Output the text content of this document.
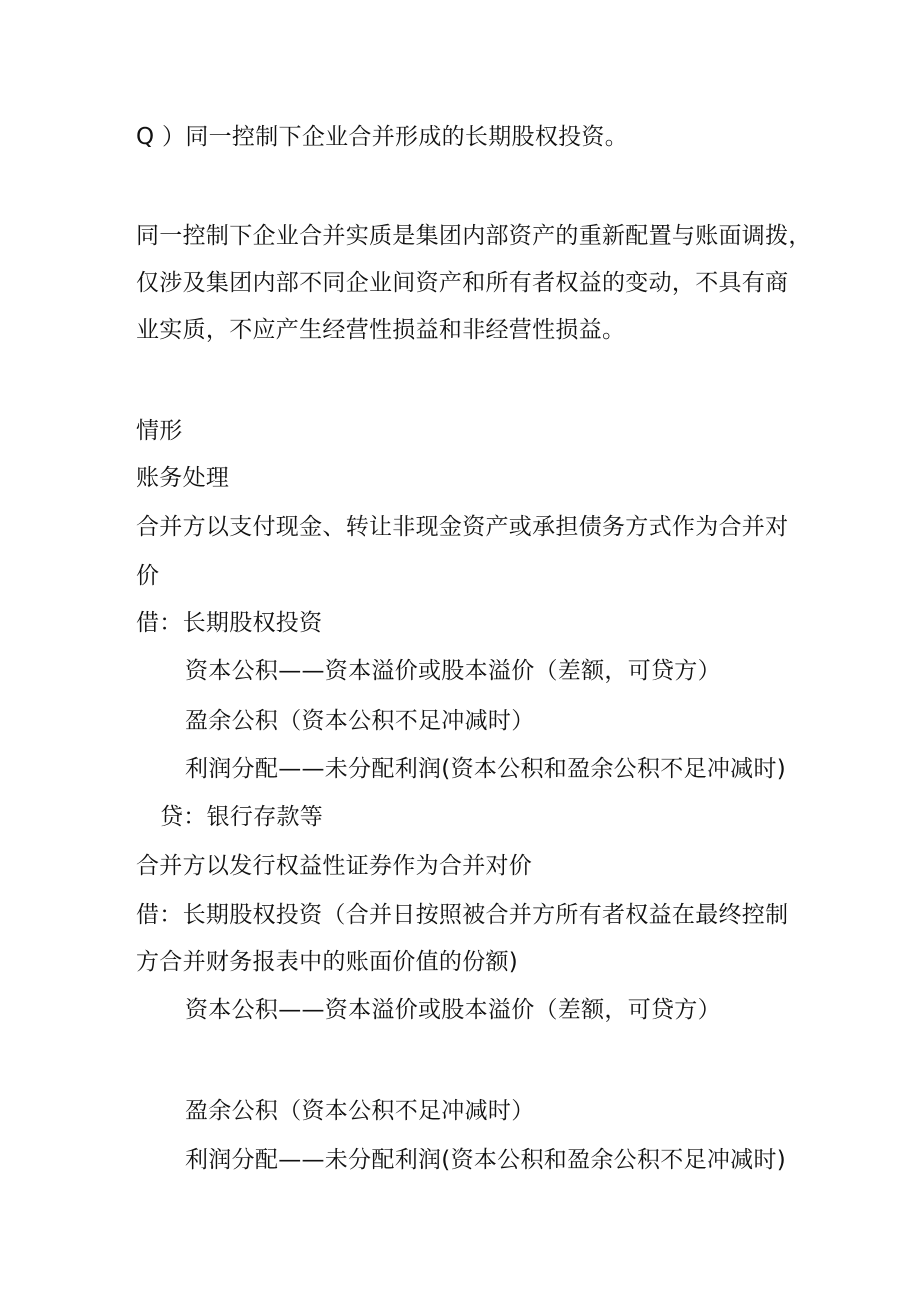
Q ）同一控制下企业合并形成的长期股权投资。
同一控制下企业合并实质是集团内部资产的重新配置与账面调拨，
仅涉及集团内部不同企业间资产和所有者权益的变动，不具有商
业实质，不应产生经营性损益和非经营性损益。
情形
账务处理
合并方以支付现金、转让非现金资产或承担债务方式作为合并对
价
借：长期股权投资
资本公积——资本溢价或股本溢价（差额，可贷方）
盈余公积（资本公积不足冲减时）
利润分配——未分配利润(资本公积和盈余公积不足冲减时)
贷：银行存款等
合并方以发行权益性证券作为合并对价
借：长期股权投资（合并日按照被合并方所有者权益在最终控制
方合并财务报表中的账面价值的份额)
资本公积——资本溢价或股本溢价（差额，可贷方）
盈余公积（资本公积不足冲减时）
利润分配——未分配利润(资本公积和盈余公积不足冲减时)
